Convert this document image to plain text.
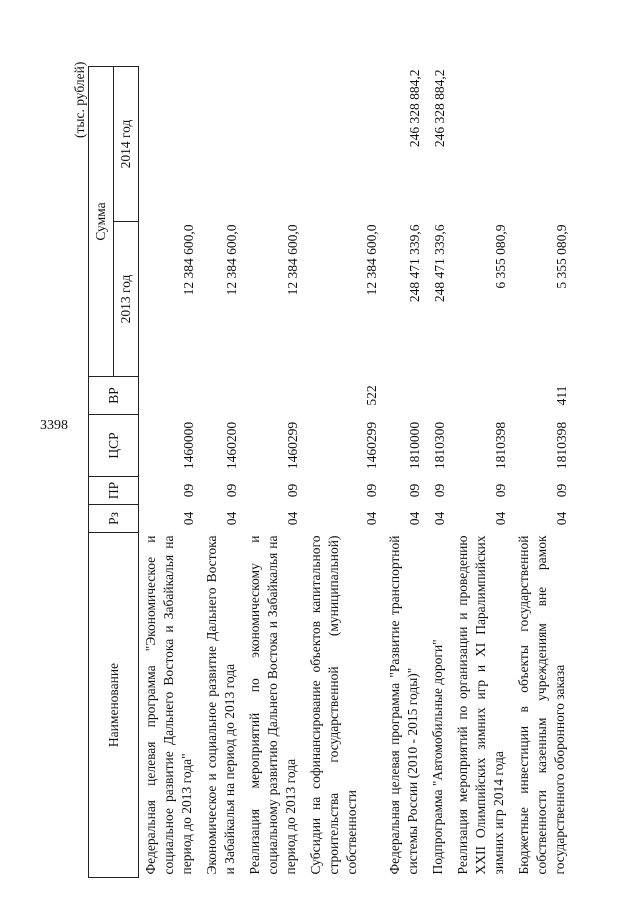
3398
(тыс. рублей)
Наименование	Рз	ПР	ЦСР	ВР	Сумма	
					2013 год	2014 год
Федеральная целевая программа "Экономическое и социальное развитие Дальнего Востока и Забайкалья на период до 2013 года"	04	09	1460000		12 384 600,0	
Экономическое и социальное развитие Дальнего Востока и Забайкалья на период до 2013 года	04	09	1460200		12 384 600,0	
Реализация мероприятий по экономическому и социальному развитию Дальнего Востока и Забайкалья на период до 2013 года	04	09	1460299		12 384 600,0	
Субсидии на софинансирование объектов капитального строительства государственной (муниципальной) собственности	04	09	1460299	522	12 384 600,0	
Федеральная целевая программа "Развитие транспортной системы России (2010 - 2015 годы)"	04	09	1810000		248 471 339,6	246 328 884,2
Подпрограмма "Автомобильные дороги"	04	09	1810300		248 471 339,6	246 328 884,2
Реализация мероприятий по организации и проведению XXII Олимпийских зимних игр и XI Паралимпийских зимних игр 2014 года	04	09	1810398		6 355 080,9	
Бюджетные инвестиции в объекты государственной собственности казенным учреждениям вне рамок государственного оборонного заказа	04	09	1810398	411	5 355 080,9	
